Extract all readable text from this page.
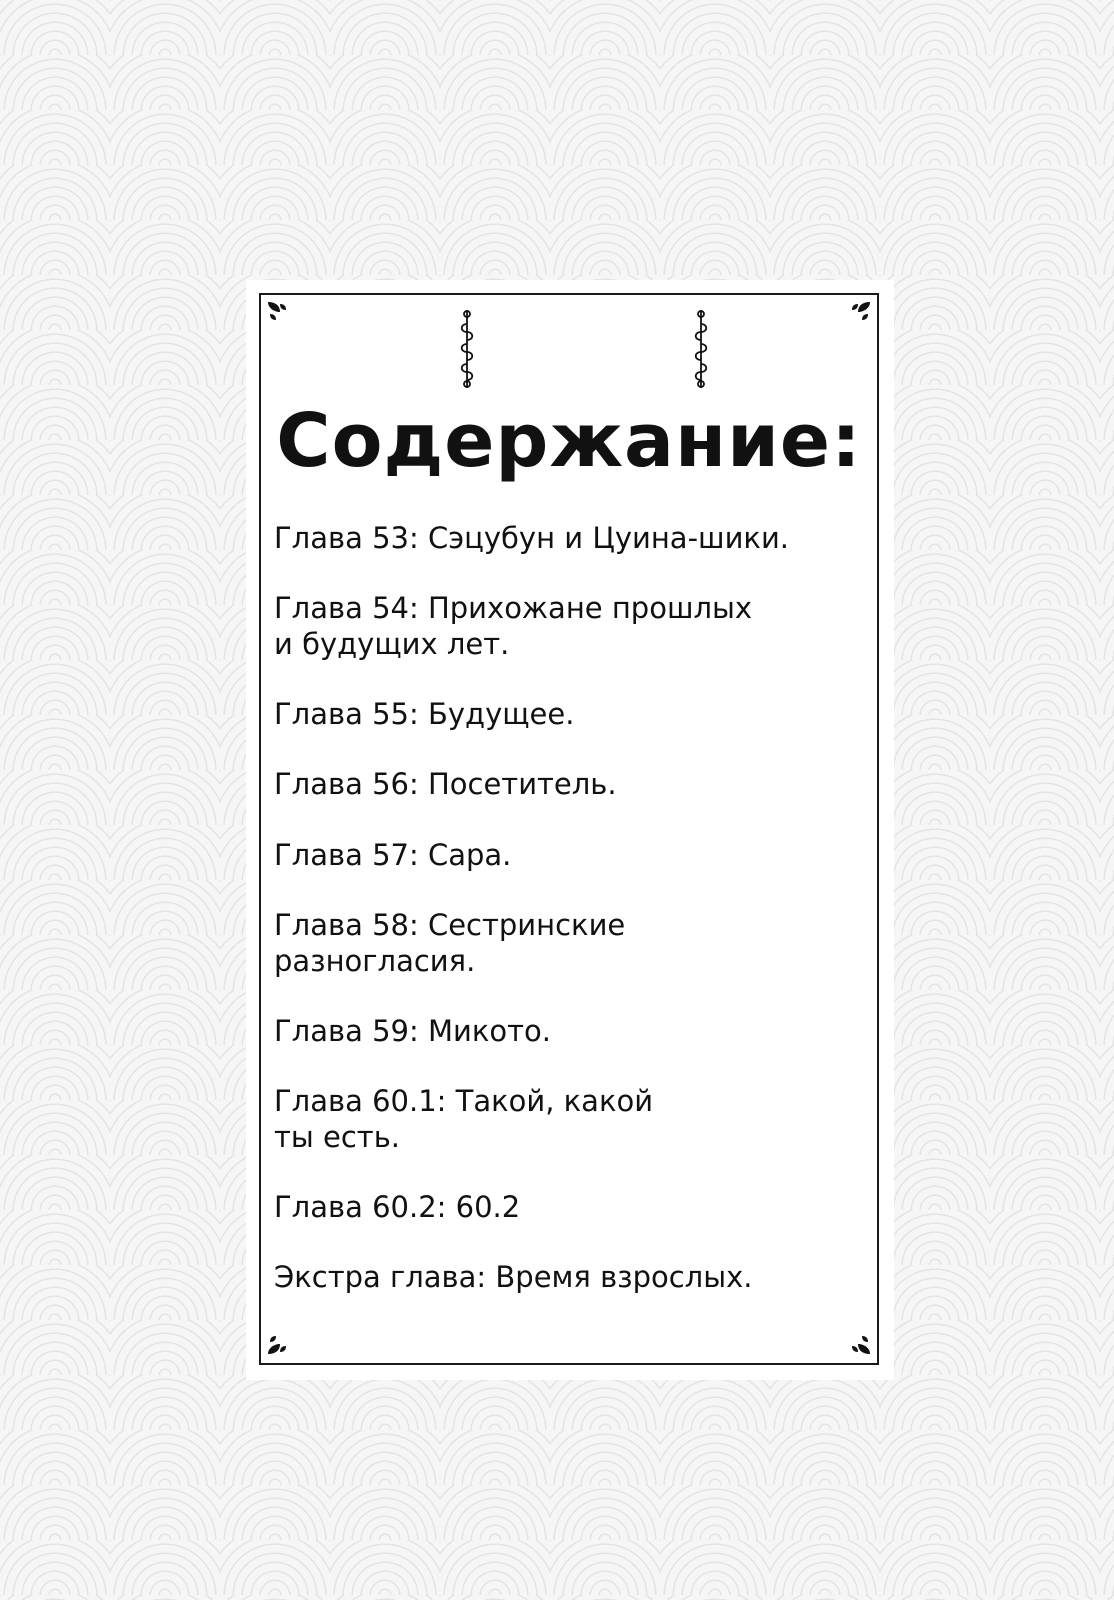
Содержание:
Глава 53: Сэцубун и Цуина-шики.
Глава 54: Прихожане прошлых
и будущих лет.
Глава 55: Будущее.
Глава 56: Посетитель.
Глава 57: Сара.
Глава 58: Сестринские
разногласия.
Глава 59: Микото.
Глава 60.1: Такой, какой
ты есть.
Глава 60.2: 60.2
Экстра глава: Время взрослых.
